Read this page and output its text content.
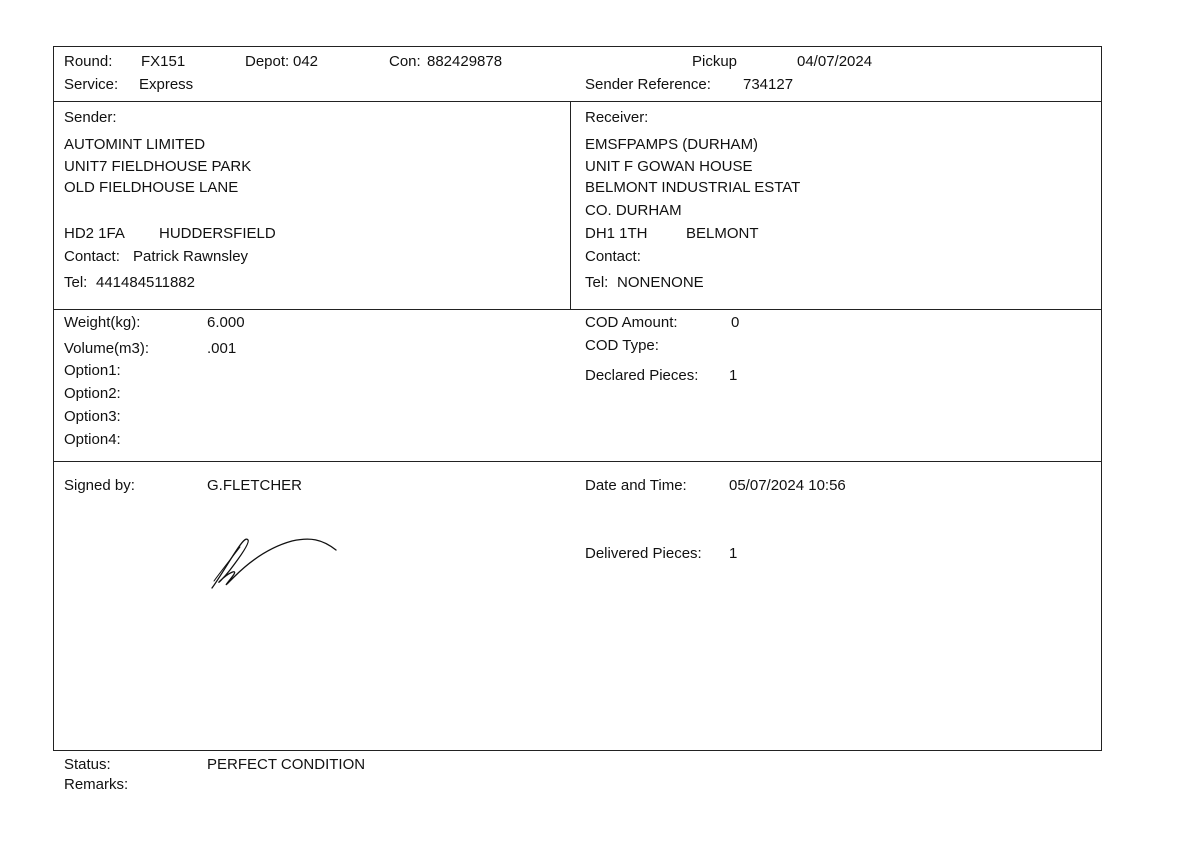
Round: FX151	Depot: 042	Con: 882429878	Pickup	04/07/2024
Service: Express	Sender Reference: 734127
Sender:
AUTOMINT LIMITED
UNIT7 FIELDHOUSE PARK
OLD FIELDHOUSE LANE
HD2 1FA HUDDERSFIELD
Contact: Patrick Rawnsley
Tel: 441484511882
Receiver:
EMSFPAMPS (DURHAM)
UNIT F GOWAN HOUSE
BELMONT INDUSTRIAL ESTAT
CO. DURHAM
DH1 1TH	BELMONT
Contact:
Tel: NONENONE
Weight(kg):	6.000
Volume(m3):	.001
Option1:
Option2:
Option3:
Option4:
COD Amount:	0
COD Type:
Declared Pieces: 1
Signed by:	G.FLETCHER	Date and Time:	05/07/2024 10:56
Delivered Pieces: 1
Status:	PERFECT CONDITION
Remarks:
